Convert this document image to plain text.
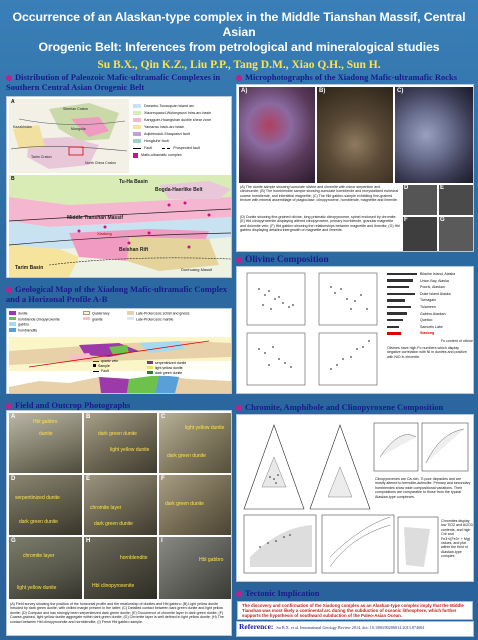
Occurrence of an Alaskan-type complex in the Middle Tianshan Massif, Central Asian
Orogenic Belt: Inferences from petrological and mineralogical studies
Su B.X., Qin K.Z., Liu P.P., Tang D.M., Xiao Q.H., Sun H.
Distribution of Paleozoic Mafic-ultramafic Complexes in Southern Central Asian Orogenic Belt
A
Siberian Craton
Kazakhstan	Mongolia
Tarim Craton
North China Craton
Danarhu-Tousuquan island arc
Xiaorequanzi-Wutongwozi intra-arc basin
Kangguer-Huangshan ductile shear zone
Yamansu back-arc basin
Aqikekuduk-Shaquanzi fault
Hongliuhe fault
Fault	Prospected fault
Mafic-ultramafic complex
B	Tu-Ha Basin
Bogda-Haerlike Belt
Middle Tianshan Massif
Beishan Rift
Tarim Basin	Dunhuang Massif
Xiadong
Geological Map of the Xiadong Mafic-ultramafic Complex and a Horizonal Profile A-B
dunite
hornblende clinopyroxenite
gabbro
hornblendite
Quaternary
granite
Late-Proterozoic schist and gneiss
Late-Proterozoic marble
serpentinized dunite
light yellow dunite
dark green dunite
quartz vein
Sample
Fault
Field and Outcrop Photographs
A
Hbl gabbro
dunite
B
dark green dunite
light yellow dunite
C
light yellow dunite
dark green dunite
D
serpentinized dunite
dark green dunite
E
chromite layer
dark green dunite
F
dark green dunite
G
chromite layer
light yellow dunite
H
hornblendite
Hbl clinopyroxenite
I
Hbl gabbro
(A) Field survey showing the position of the horizontal profile and the relationship of dunites and Hbl gabbro; (B) Light yellow dunite intruded by dark green dunite, with chilled margin present in the latter; (C) Detailed contact between dark green dunite and light yellow dunite; (D) Compact and has strongly been serpentinized dark green dunite; (E) Occurrence of chromite layer in dark green dunite; (F) Coarse-grained, light yellow dunite aggregate within dark green dunite; (G) Chromite layer is well defined in light yellow dunite; (H) The contact between Hbl clinopyroxenite and hornblendite; (I) Fresh Hbl gabbro sample.
Microphotographs of the Xiadong Mafic-ultramafic Rocks
A)	B)	C)
(A) The dunite sample showing cumulate olivine and chromite with minor serpentine and clinohumite; (B) The hornblendite sample showing cumulate hornblende and recrystallized euhedral coarse hornblende, and interstitial magnetite; (C) The Hbl gabbro sample exhibiting fine-grained texture with mineral assemblage of plagioclase, clinopyroxene, hornblende, magnetite and ilmenite.
(D) Dunite showing fine-grained olivine, long prismatic clinopyroxene, spinel enclosed by chromite; (E) Hbl clinopyroxenite displaying altered clinopyroxene, primary hornblende, granular magnetite and dolomite vein; (F) Hbl gabbro showing the relationships between magnetite and ilmenite; (G) Hbl gabbro displaying detailed intergrowth of magnetite and ilmenite.
D	E
F	G
Olivine Composition
Bilanhe Island, Alaska
Union Bay, Alaska
Pouris, Alaskan
Duke Island Alaska
Turnagain
Tulameen
Gabbro Alaskan
Quetico
Samuels Lake
Xiadong
Fo content of olivine
Olivines have high Fo numbers which display negative correlation with Ni in dunites and positive with NiO in chromite.
Chromite, Amphibole and Clinopyroxene Composition
Clinopyroxenes are Ca-rich, Ti-poor diopsides and are mostly altered to tremolite-actinolite. Primary and secondary hornblendes show wide compositional variations. Their compositions are comparable to those from the typical Alaskan-type complexes.
Chromites display low TiO2 and Al2O3 contents, and high Cr# and Fe3+/(Fe3+ + Mg) values, and plot within the field of Alaskan-type complex.
Tectonic Implication
The discovery and confirmation of the Xiadong complex as an Alaskan-type complex imply that the Middle Tianshan was most likely a continental arc during the subduction of oceanic lithosphere, which further supports the hypothesis of southward subduction of the Paleo-Asian Ocean.
Reference: Su B.X. et al. International Geology Review 2014, doi: 10.1080/00206814.2013.874604
